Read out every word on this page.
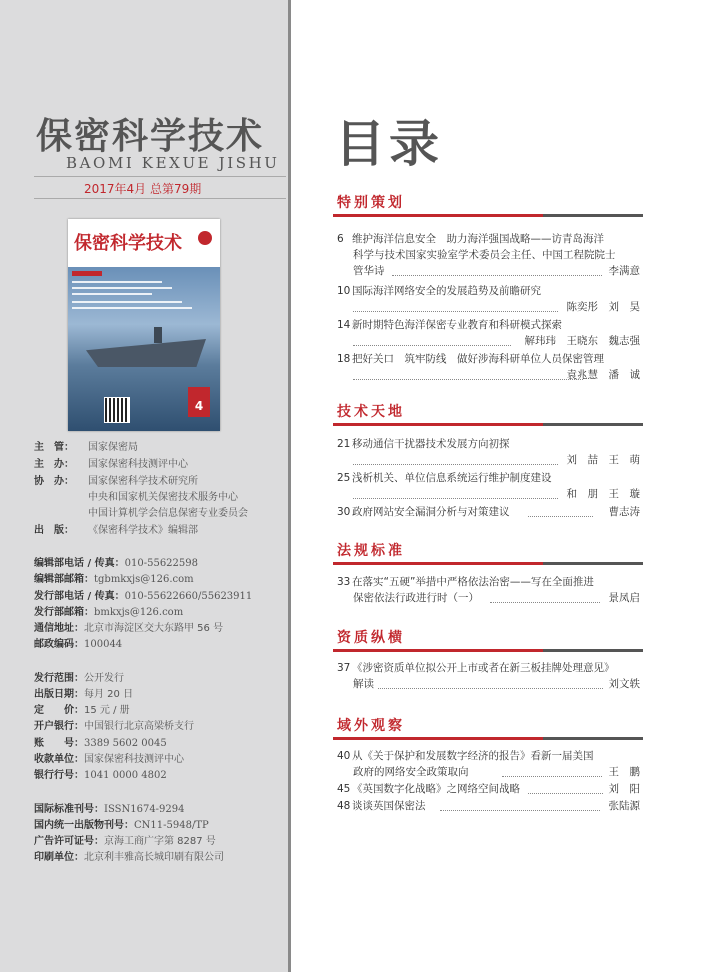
保密科学技术
BAOMI KEXUE JISHU
2017年4月 总第79期
保密科学技术
4
主　管： 国家保密局
主　办： 国家保密科技测评中心
协　办： 国家保密科学技术研究所
中央和国家机关保密技术服务中心
中国计算机学会信息保密专业委员会
出　版： 《保密科学技术》编辑部
编辑部电话 / 传真：010-55622598
编辑部邮箱：tgbmkxjs@126.com
发行部电话 / 传真：010-55622660/55623911
发行部邮箱：bmkxjs@126.com
通信地址：北京市海淀区交大东路甲 56 号
邮政编码：100044
发行范围：公开发行
出版日期：每月 20 日
定　　价：15 元 / 册
开户银行：中国银行北京高梁桥支行
账　　号：3389 5602 0045
收款单位：国家保密科技测评中心
银行行号：1041 0000 4802
国际标准刊号：ISSN1674-9294
国内统一出版物刊号：CN11-5948/TP
广告许可证号：京海工商广字第 8287 号
印刷单位：北京利丰雅高长城印刷有限公司
目录
特别策划
6 维护海洋信息安全　助力海洋强国战略——访青岛海洋
科学与技术国家实验室学术委员会主任、中国工程院院士
管华诗	李满意
10 国际海洋网络安全的发展趋势及前瞻研究
陈奕彤　刘　昊
14 新时期特色海洋保密专业教育和科研模式探索
解玮玮　王晓东　魏志强
18 把好关口　筑牢防线　做好涉海科研单位人员保密管理
袁兆慧　潘　诚
技术天地
21 移动通信干扰器技术发展方向初探
刘　喆　王　萌
25 浅析机关、单位信息系统运行维护制度建设
和　朋　王　璇
30 政府网站安全漏洞分析与对策建议	曹志涛
法规标准
33 在落实“五硬”举措中严格依法治密——写在全面推进
保密依法行政进行时（一）	景凤启
资质纵横
37 《涉密资质单位拟公开上市或者在新三板挂牌处理意见》
解读	刘文轶
域外观察
40 从《关于保护和发展数字经济的报告》看新一届美国
政府的网络安全政策取向	王　鹏
45 《英国数字化战略》之网络空间战略	刘　阳
48 谈谈英国保密法	张陆源
